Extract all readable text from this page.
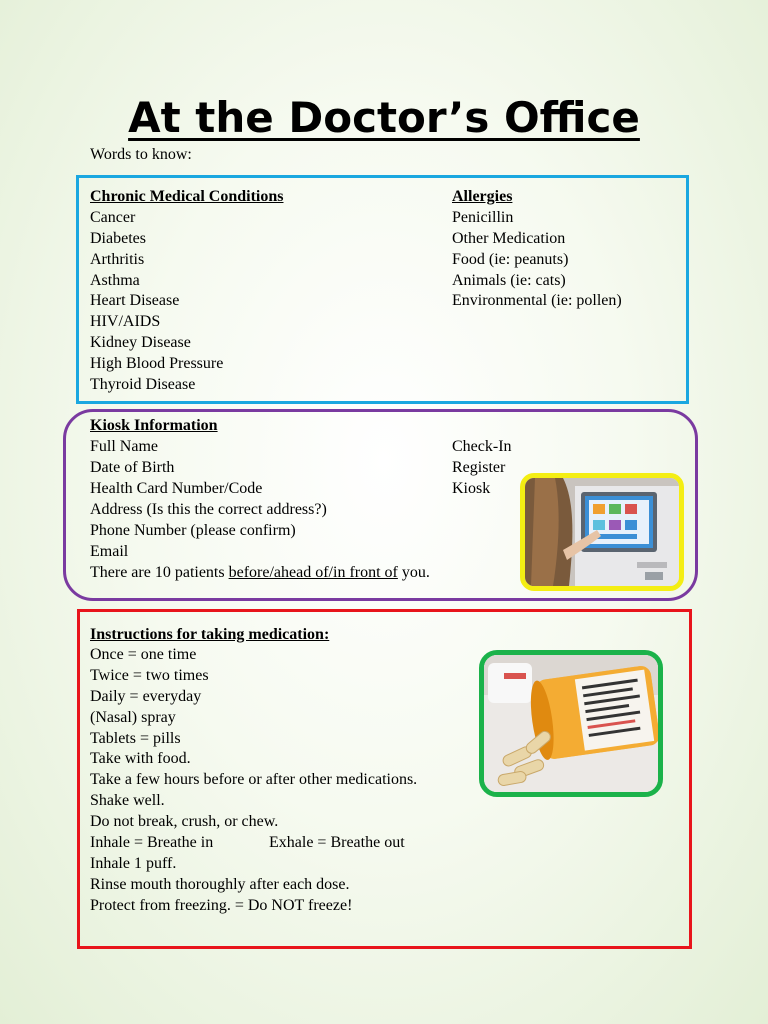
At the Doctor’s Office
Words to know:
Chronic Medical Conditions
Cancer
Diabetes
Arthritis
Asthma
Heart Disease
HIV/AIDS
Kidney Disease
High Blood Pressure
Thyroid Disease
Allergies
Penicillin
Other Medication
Food (ie: peanuts)
Animals (ie: cats)
Environmental (ie: pollen)
Kiosk Information
Full Name
Date of Birth
Health Card Number/Code
Address (Is this the correct address?)
Phone Number (please confirm)
Email
There are 10 patients before/ahead of/in front of you.
Check-In
Register
Kiosk
Instructions for taking medication:
Once = one time
Twice = two times
Daily = everyday
(Nasal) spray
Tablets = pills
Take with food.
Take a few hours before or after other medications.
Shake well.
Do not break, crush, or chew.
Inhale = Breathe in	Exhale = Breathe out
Inhale 1 puff.
Rinse mouth thoroughly after each dose.
Protect from freezing. = Do NOT freeze!
